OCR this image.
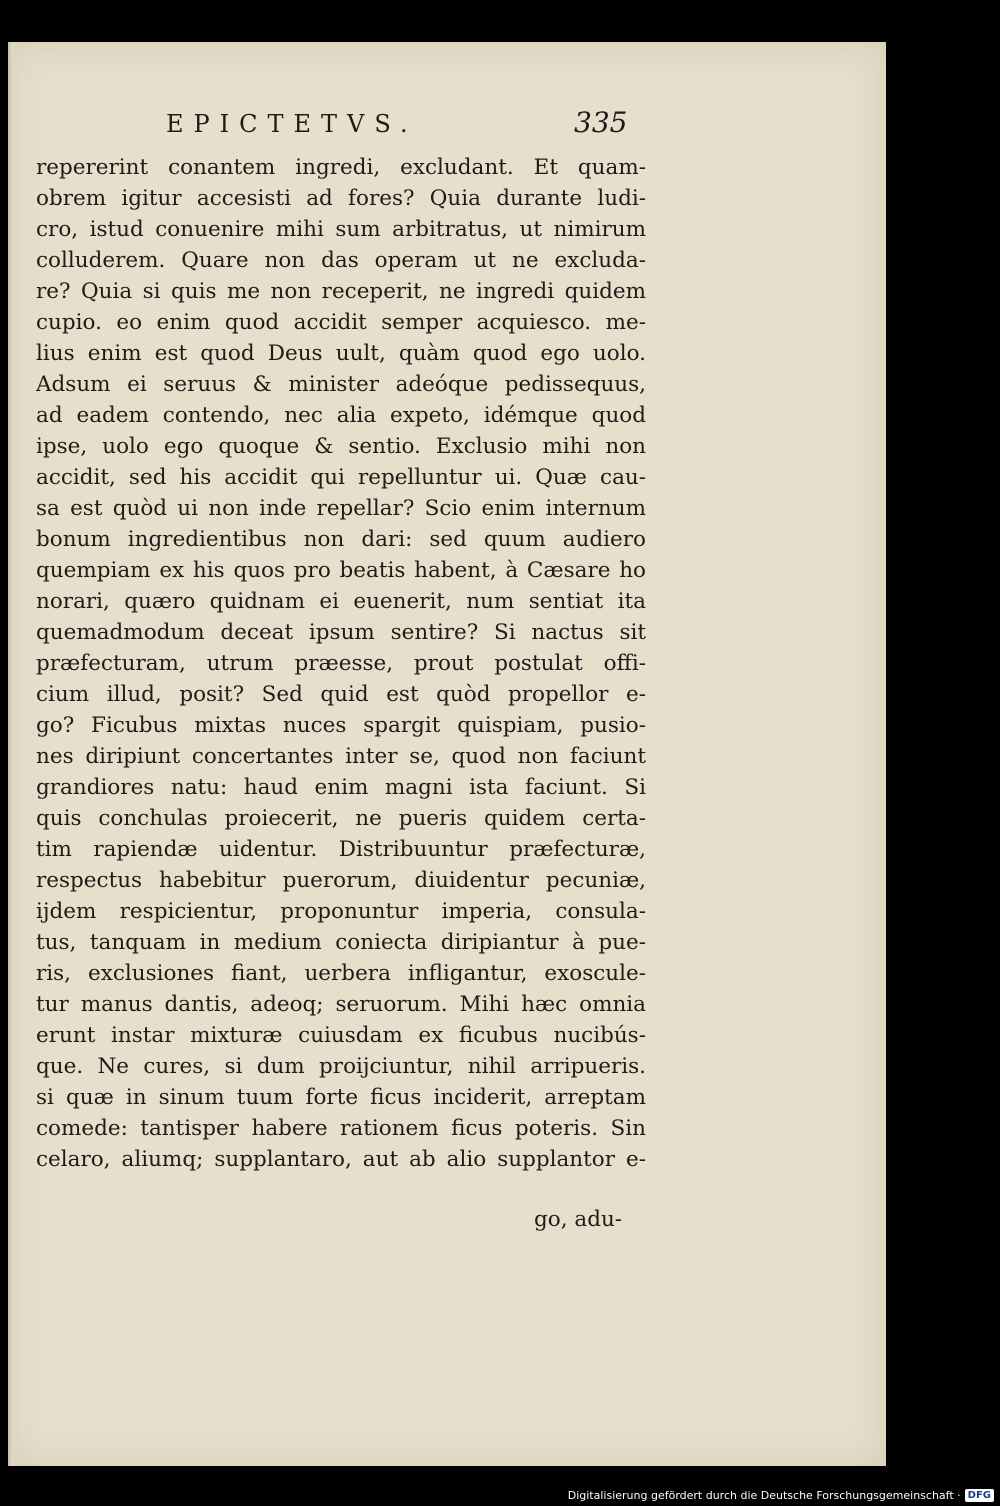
EPICTETVS.	335
repererint conantem ingredi, excludant. Et quam-
obrem igitur accesisti ad fores? Quia durante ludi-
cro, istud conuenire mihi sum arbitratus, ut nimirum
colluderem. Quare non das operam ut ne excluda-
re? Quia si quis me non receperit, ne ingredi quidem
cupio. eo enim quod accidit semper acquiesco. me-
lius enim est quod Deus uult, quàm quod ego uolo.
Adsum ei seruus & minister adeóque pedissequus,
ad eadem contendo, nec alia expeto, idémque quod
ipse, uolo ego quoque & sentio. Exclusio mihi non
accidit, sed his accidit qui repelluntur ui. Quæ cau-
sa est quòd ui non inde repellar? Scio enim internum
bonum ingredientibus non dari: sed quum audiero
quempiam ex his quos pro beatis habent, à Cæsare ho
norari, quæro quidnam ei euenerit, num sentiat ita
quemadmodum deceat ipsum sentire? Si nactus sit
præfecturam, utrum præesse, prout postulat offi-
cium illud, posit? Sed quid est quòd propellor e-
go? Ficubus mixtas nuces spargit quispiam, pusio-
nes diripiunt concertantes inter se, quod non faciunt
grandiores natu: haud enim magni ista faciunt. Si
quis conchulas proiecerit, ne pueris quidem certa-
tim rapiendæ uidentur. Distribuuntur præfecturæ,
respectus habebitur puerorum, diuidentur pecuniæ,
ijdem respicientur, proponuntur imperia, consula-
tus, tanquam in medium coniecta diripiantur à pue-
ris, exclusiones fiant, uerbera infligantur, exoscule-
tur manus dantis, adeoq; seruorum. Mihi hæc omnia
erunt instar mixturæ cuiusdam ex ficubus nucibús-
que. Ne cures, si dum proijciuntur, nihil arripueris.
si quæ in sinum tuum forte ficus inciderit, arreptam
comede: tantisper habere rationem ficus poteris. Sin
celaro, aliumq; supplantaro, aut ab alio supplantor e-
go, adu-
Digitalisierung gefördert durch die Deutsche Forschungsgemeinschaft · DFG
